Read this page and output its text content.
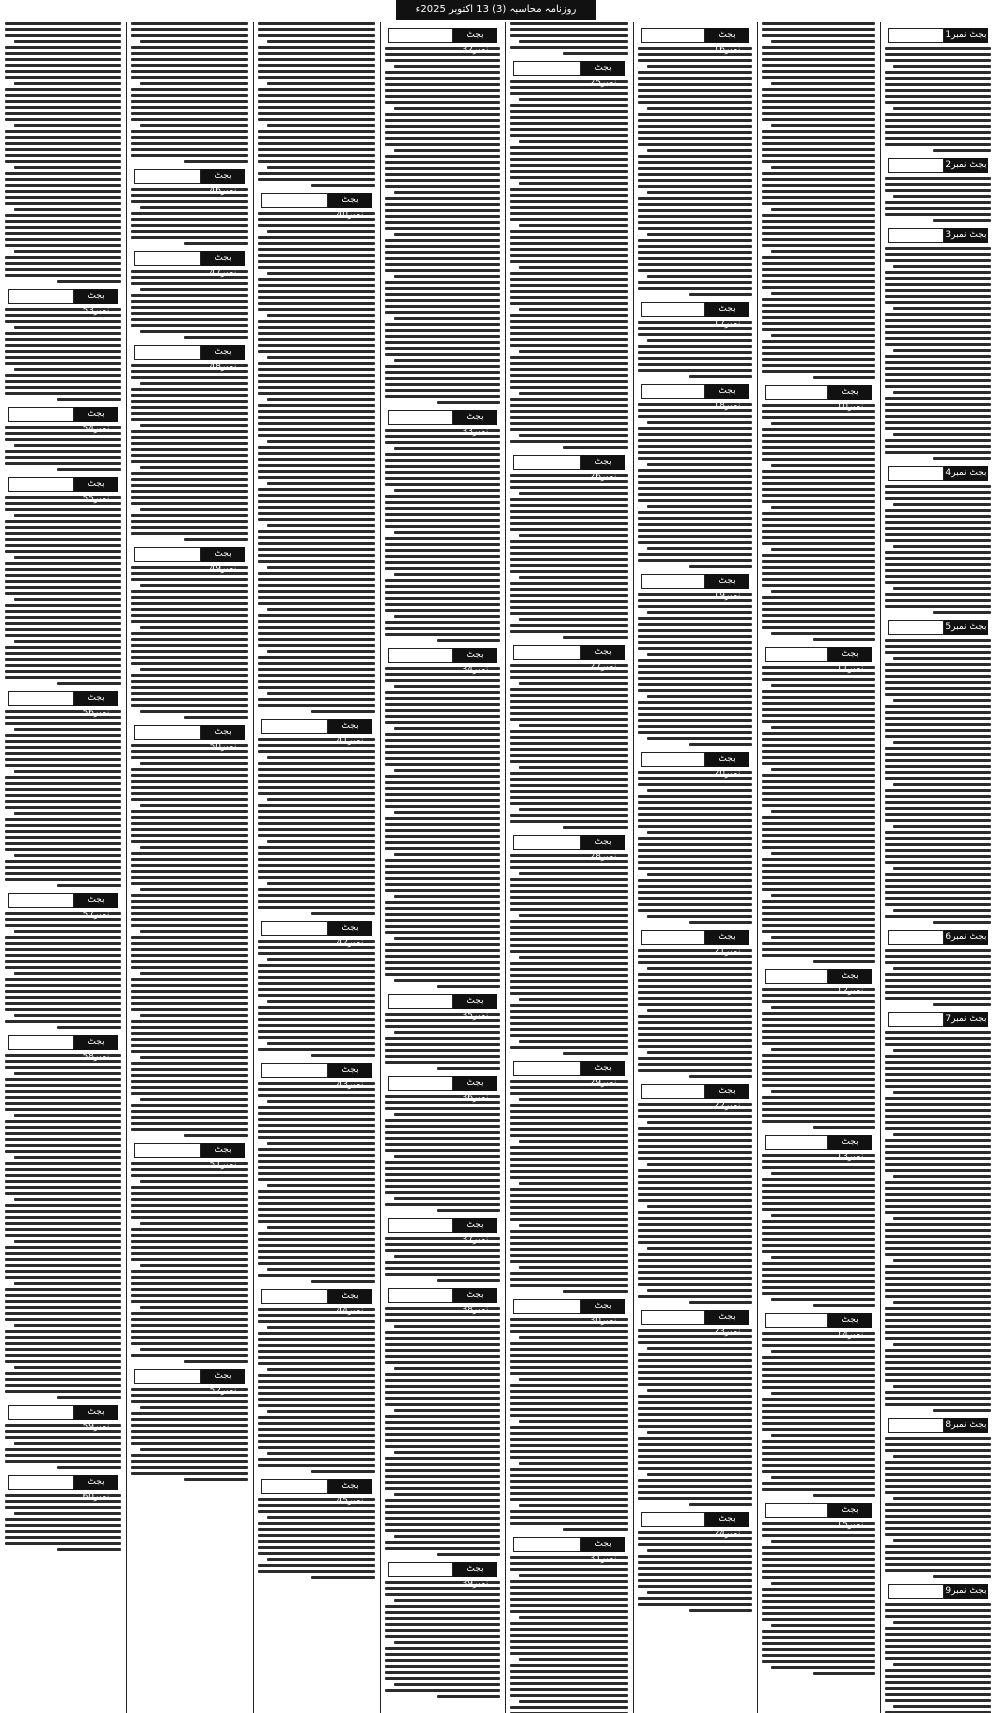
روزنامہ محاسبہ (3) 13 اکتوبر 2025ء
بجٹ نمبر1
بجٹ نمبر2
بجٹ نمبر3
بجٹ نمبر4
بجٹ نمبر5
بجٹ نمبر6
بجٹ نمبر7
بجٹ نمبر8
بجٹ نمبر9
بجٹ نمبر10
بجٹ نمبر11
بجٹ نمبر12
بجٹ نمبر13
بجٹ نمبر14
بجٹ نمبر15
بجٹ نمبر16
بجٹ نمبر17
بجٹ نمبر18
بجٹ نمبر19
بجٹ نمبر20
بجٹ نمبر21
بجٹ نمبر22
بجٹ نمبر23
بجٹ نمبر24
بجٹ نمبر25
بجٹ نمبر26
بجٹ نمبر27
بجٹ نمبر28
بجٹ نمبر29
بجٹ نمبر30
بجٹ نمبر31
بجٹ نمبر32
بجٹ نمبر33
بجٹ نمبر34
بجٹ نمبر35
بجٹ نمبر36
بجٹ نمبر37
بجٹ نمبر38
بجٹ نمبر39
بجٹ نمبر40
بجٹ نمبر41
بجٹ نمبر42
بجٹ نمبر43
بجٹ نمبر44
بجٹ نمبر45
بجٹ نمبر46
بجٹ نمبر47
بجٹ نمبر48
بجٹ نمبر49
بجٹ نمبر50
بجٹ نمبر51
بجٹ نمبر52
بجٹ نمبر53
بجٹ نمبر54
بجٹ نمبر55
بجٹ نمبر56
بجٹ نمبر57
بجٹ نمبر58
بجٹ نمبر59
بجٹ نمبر60
